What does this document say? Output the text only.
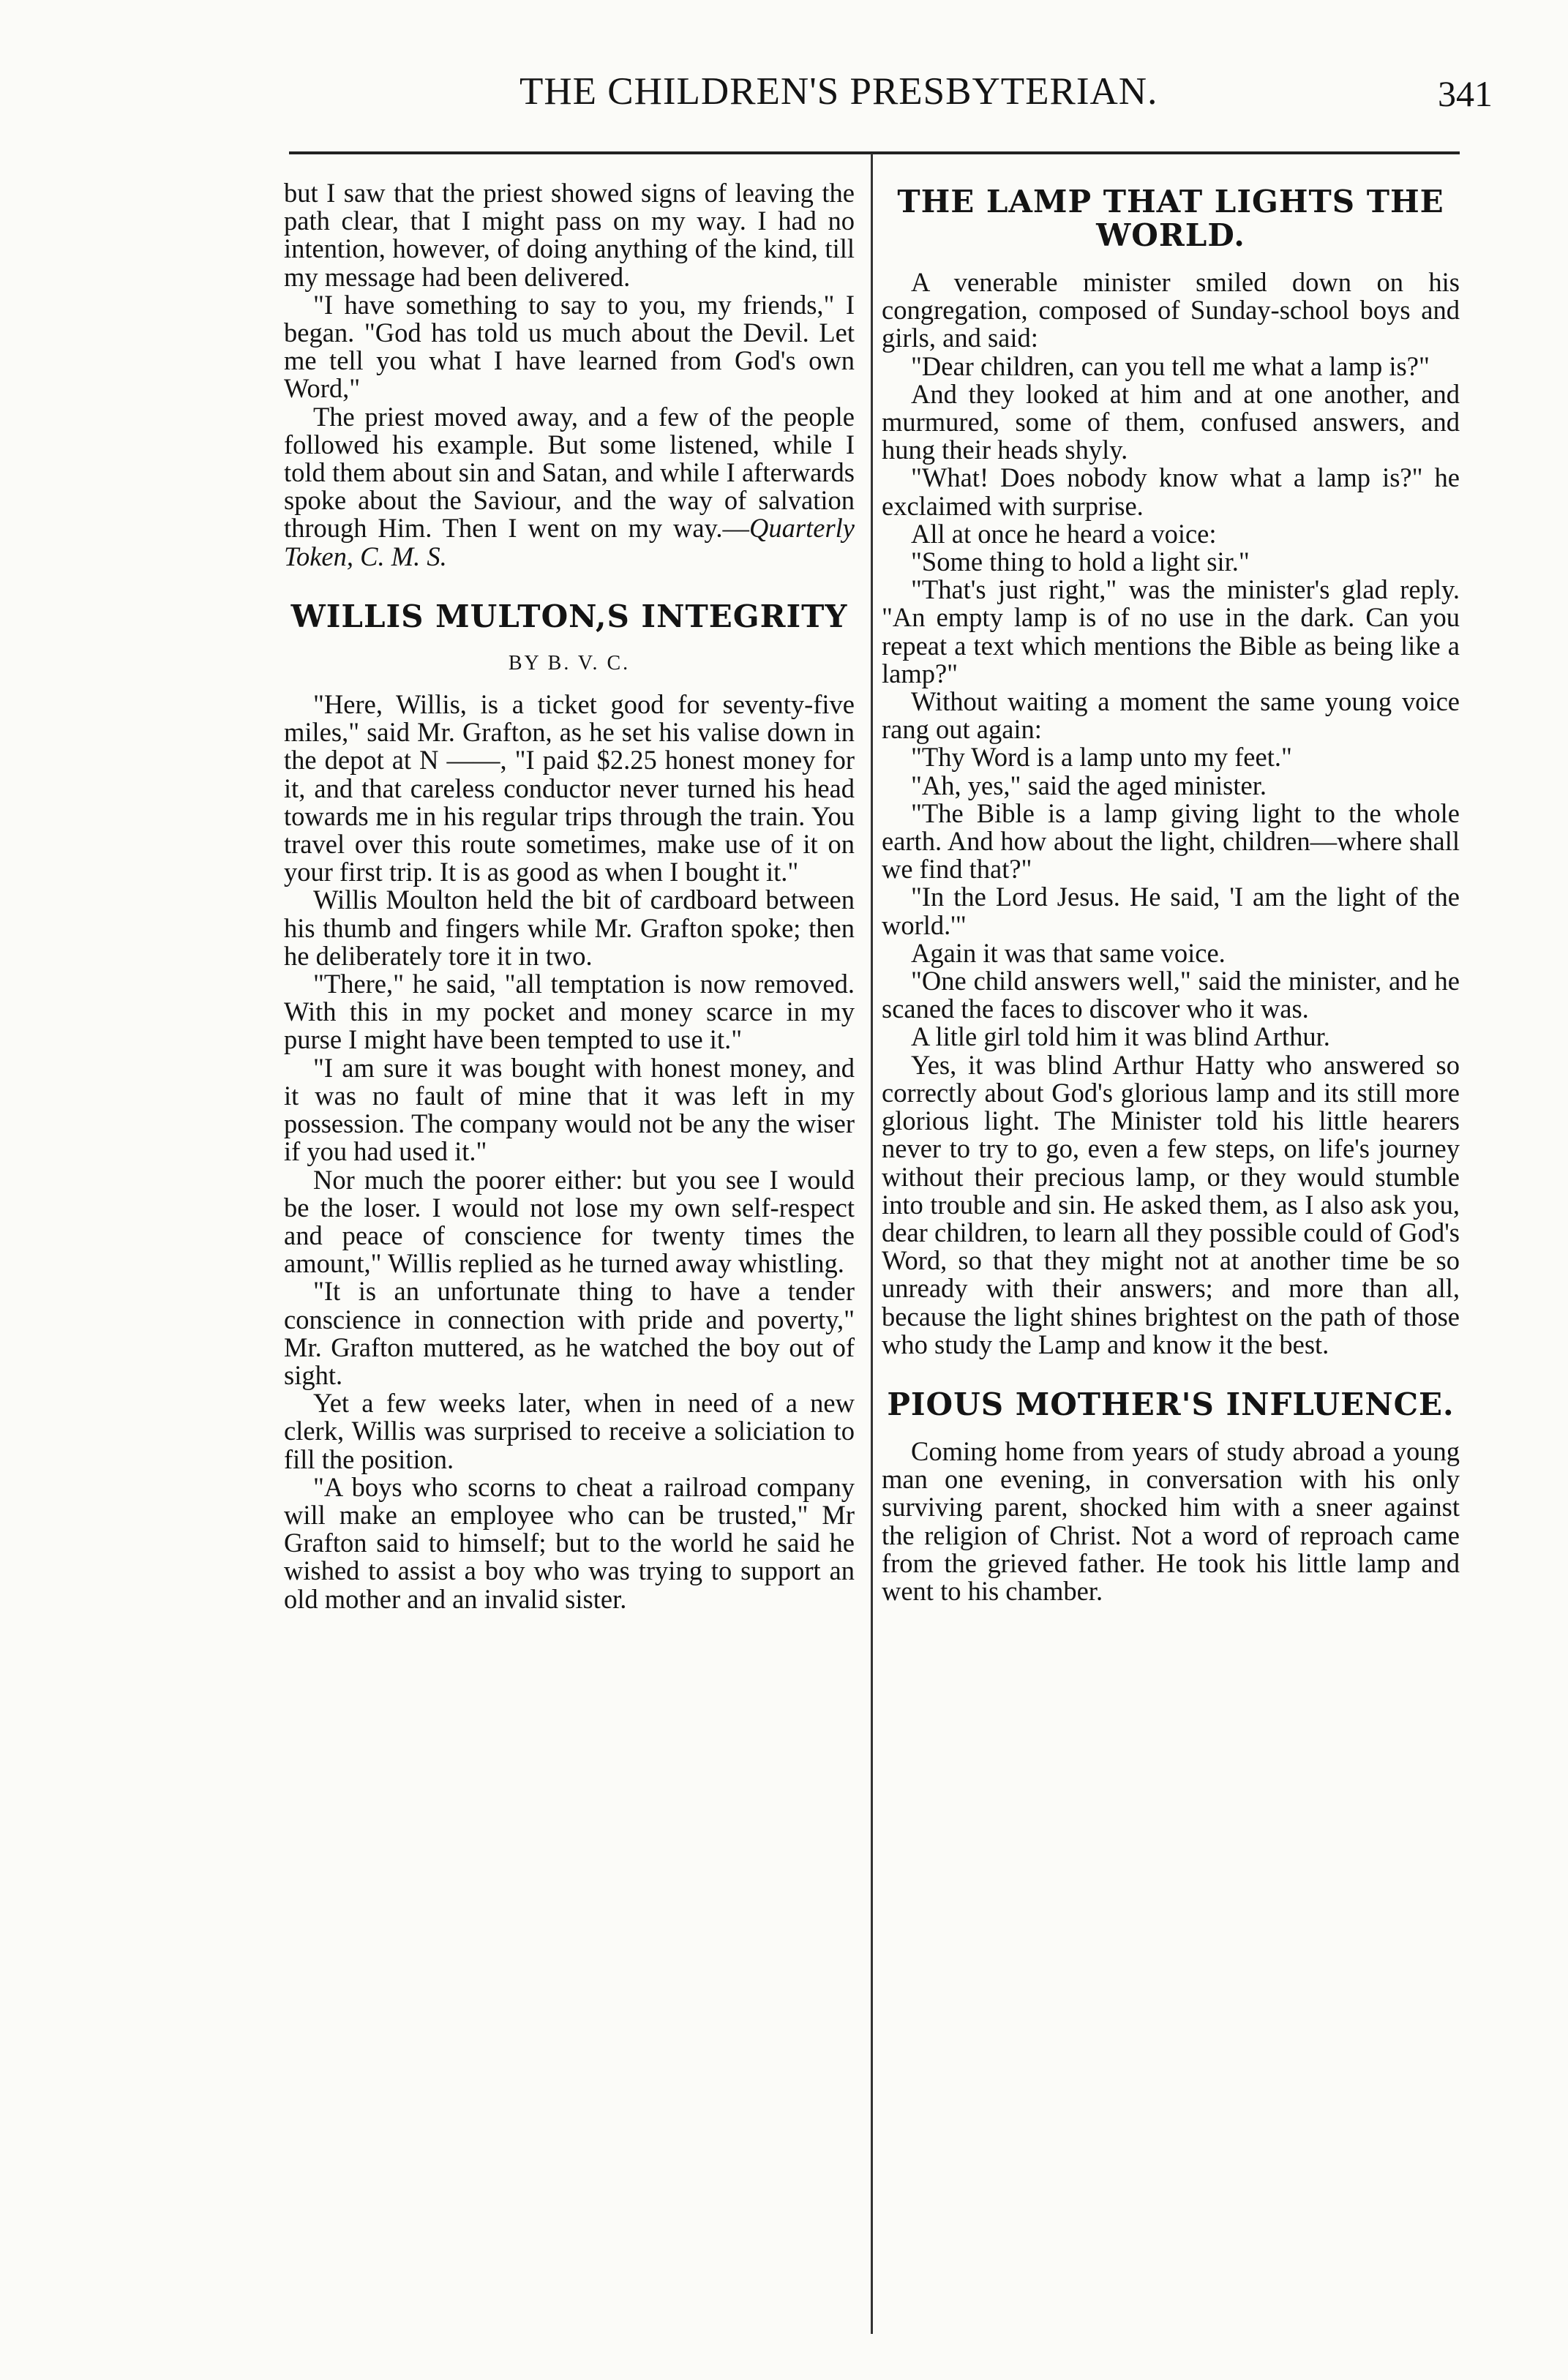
THE CHILDREN'S PRESBYTERIAN.	341

but I saw that the priest showed signs of leaving the path clear, that I might pass on my way. I had no intention, however, of doing anything of the kind, till my message had been delivered.

"I have something to say to you, my friends," I began. "God has told us much about the Devil. Let me tell you what I have learned from God's own Word,"

The priest moved away, and a few of the people followed his example. But some listened, while I told them about sin and Satan, and while I afterwards spoke about the Saviour, and the way of salvation through Him. Then I went on my way.—Quarterly Token, C. M. S.

WILLIS MULTON,S INTEGRITY
BY B. V. C.

"Here, Willis, is a ticket good for seventy-five miles," said Mr. Grafton, as he set his valise down in the depot at N ——, "I paid $2.25 honest money for it, and that careless conductor never turned his head towards me in his regular trips through the train. You travel over this route sometimes, make use of it on your first trip. It is as good as when I bought it."

Willis Moulton held the bit of cardboard between his thumb and fingers while Mr. Grafton spoke; then he deliberately tore it in two.

"There," he said, "all temptation is now removed. With this in my pocket and money scarce in my purse I might have been tempted to use it."

"I am sure it was bought with honest money, and it was no fault of mine that it was left in my possession. The company would not be any the wiser if you had used it."

Nor much the poorer either: but you see I would be the loser. I would not lose my own self-respect and peace of conscience for twenty times the amount," Willis replied as he turned away whistling.

"It is an unfortunate thing to have a tender conscience in connection with pride and poverty," Mr. Grafton muttered, as he watched the boy out of sight.

Yet a few weeks later, when in need of a new clerk, Willis was surprised to receive a soliciation to fill the position.

"A boys who scorns to cheat a railroad company will make an employee who can be trusted," Mr Grafton said to himself; but to the world he said he wished to assist a boy who was trying to support an old mother and an invalid sister.

THE LAMP THAT LIGHTS THE WORLD.

A venerable minister smiled down on his congregation, composed of Sunday-school boys and girls, and said:

"Dear children, can you tell me what a lamp is?"

And they looked at him and at one another, and murmured, some of them, confused answers, and hung their heads shyly.

"What! Does nobody know what a lamp is?" he exclaimed with surprise.

All at once he heard a voice:

"Some thing to hold a light sir."

"That's just right," was the minister's glad reply. "An empty lamp is of no use in the dark. Can you repeat a text which mentions the Bible as being like a lamp?"

Without waiting a moment the same young voice rang out again:

"Thy Word is a lamp unto my feet."

"Ah, yes," said the aged minister.

"The Bible is a lamp giving light to the whole earth. And how about the light, children—where shall we find that?"

"In the Lord Jesus. He said, 'I am the light of the world.'"

Again it was that same voice.

"One child answers well," said the minister, and he scaned the faces to discover who it was.

A litle girl told him it was blind Arthur.

Yes, it was blind Arthur Hatty who answered so correctly about God's glorious lamp and its still more glorious light. The Minister told his little hearers never to try to go, even a few steps, on life's journey without their precious lamp, or they would stumble into trouble and sin. He asked them, as I also ask you, dear children, to learn all they possible could of God's Word, so that they might not at another time be so unready with their answers; and more than all, because the light shines brightest on the path of those who study the Lamp and know it the best.

PIOUS MOTHER'S INFLUENCE.

Coming home from years of study abroad a young man one evening, in conversation with his only surviving parent, shocked him with a sneer against the religion of Christ. Not a word of reproach came from the grieved father. He took his little lamp and went to his chamber.
